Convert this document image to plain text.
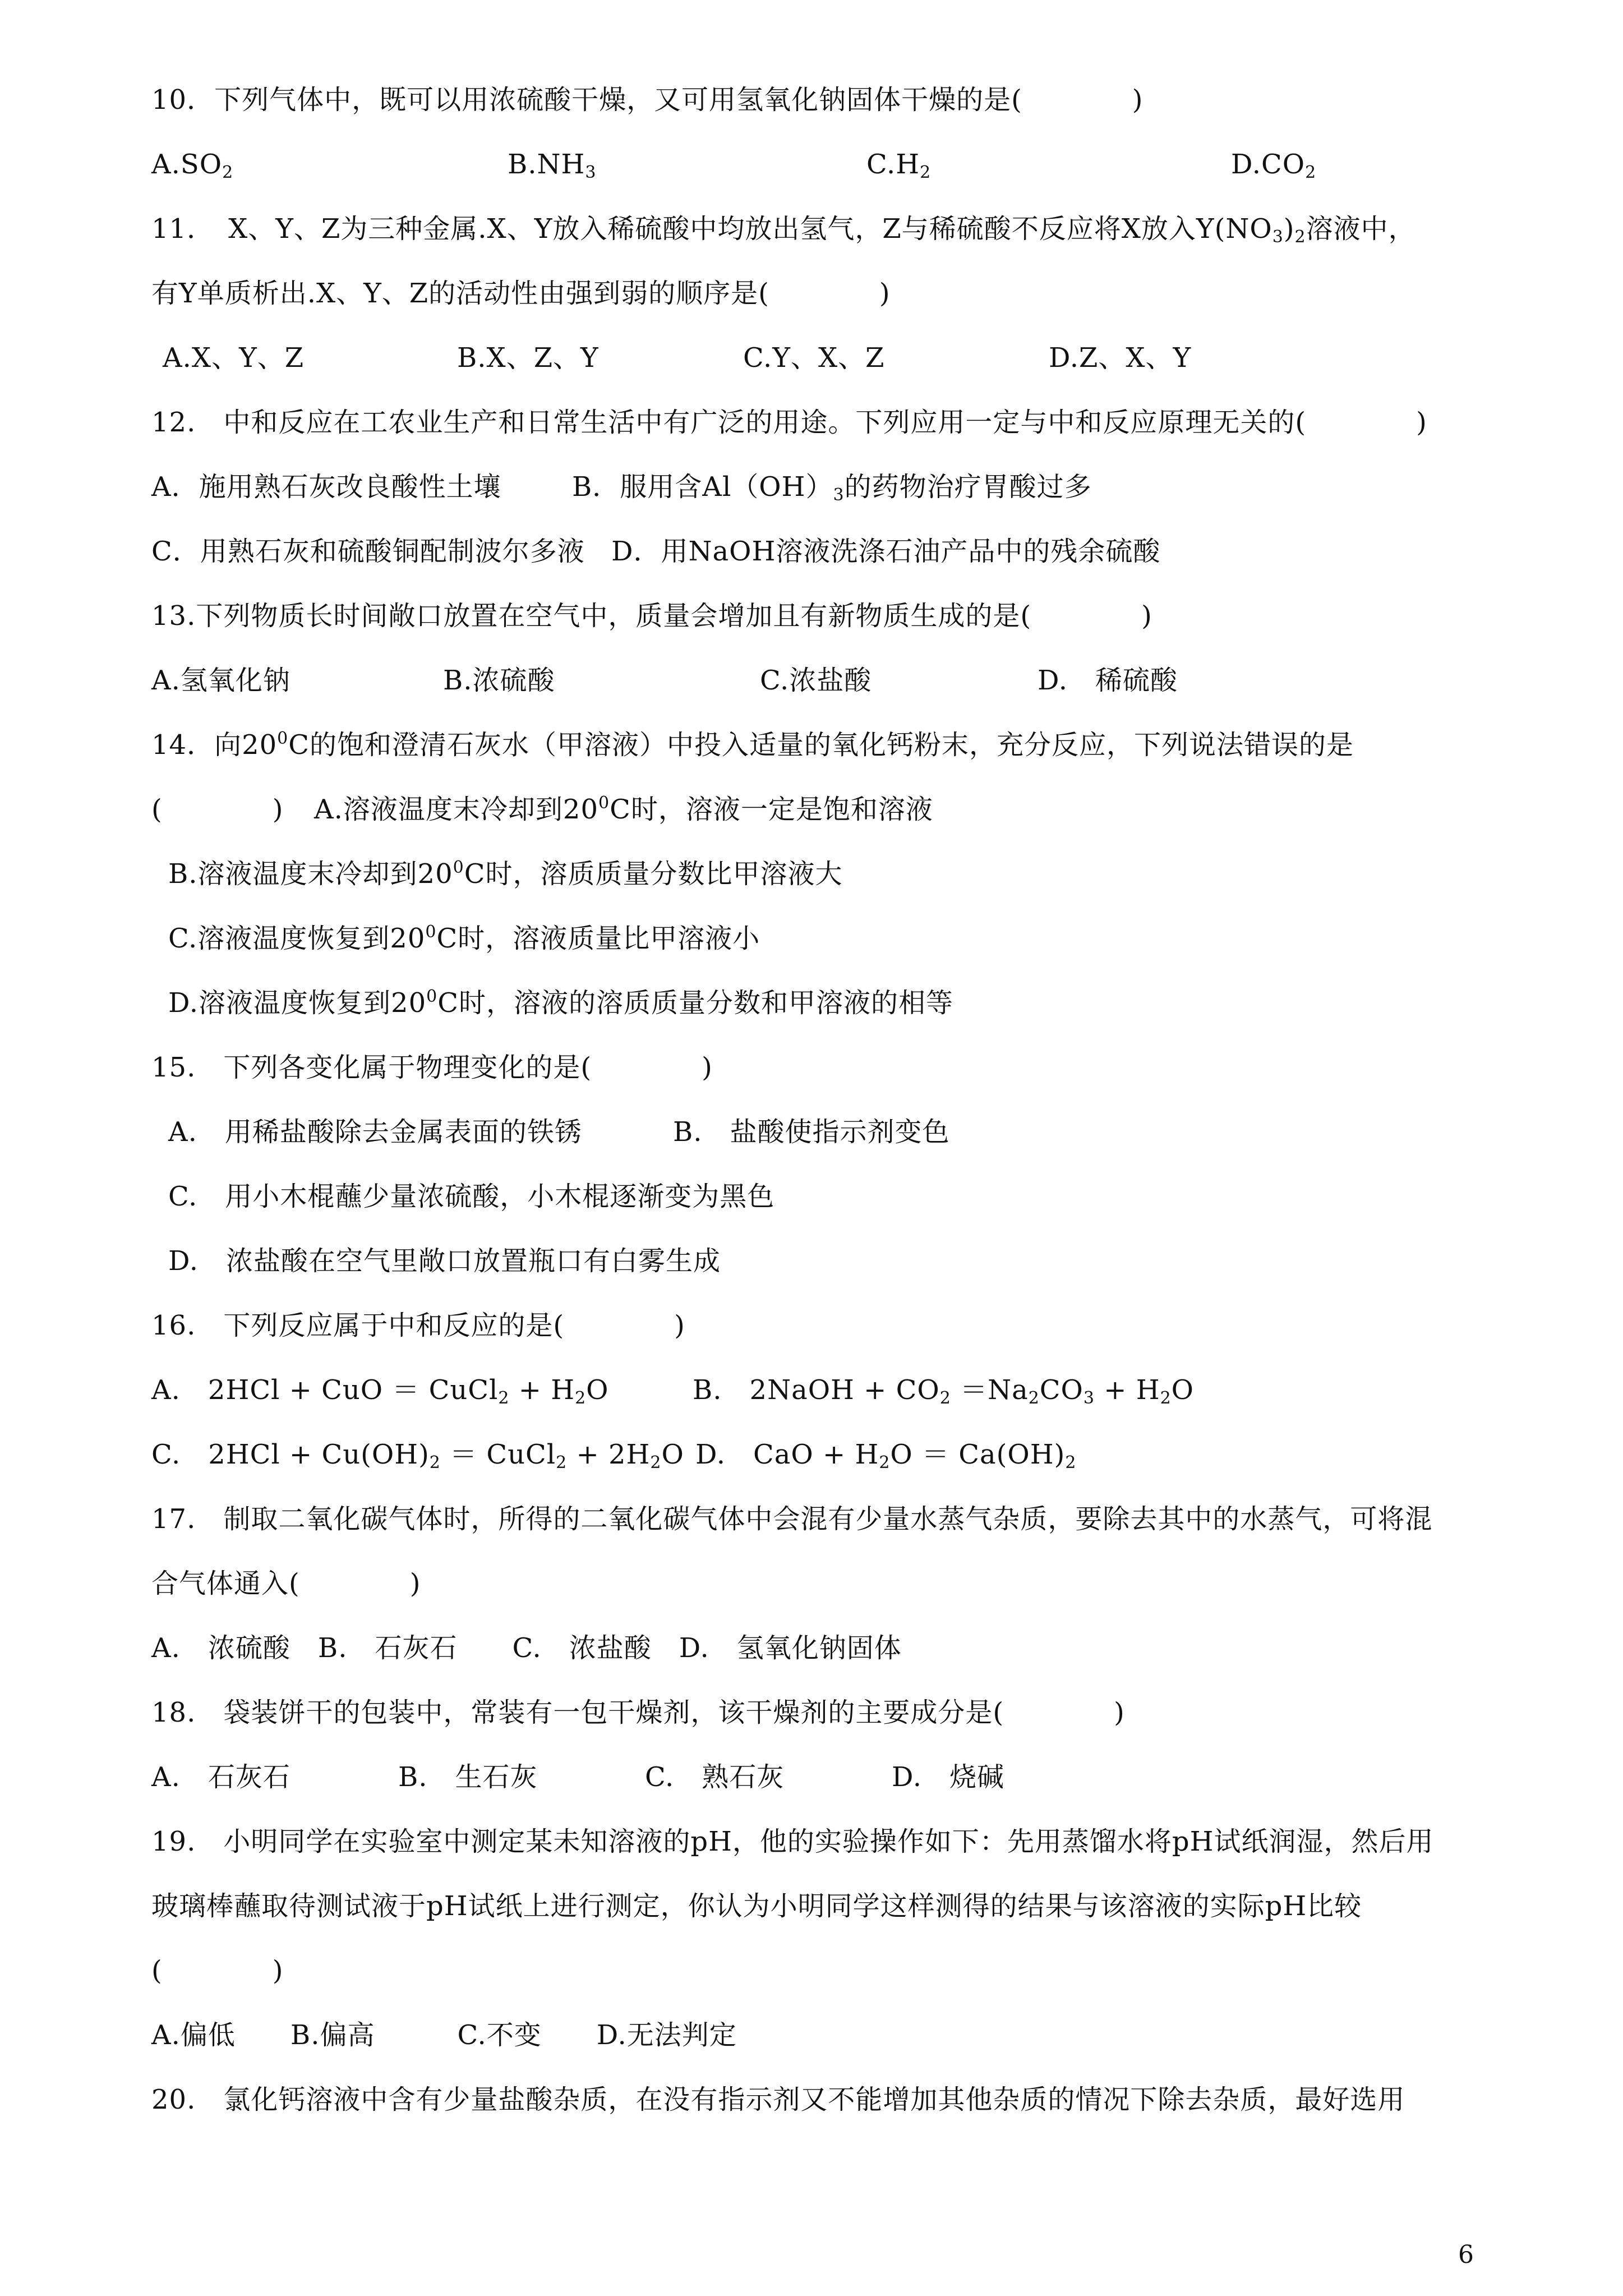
10．下列气体中，既可以用浓硫酸干燥，又可用氢氧化钠固体干燥的是(　　　　)
$A.SO_2$	$B.NH_3$	$C.H_2$	$D.CO_2$
11．　X、Y、Z为三种金属.X、Y放入稀硫酸中均放出氢气，Z与稀硫酸不反应将X放入$Y(NO_3)_2$溶液中，
有Y单质析出.X、Y、Z的活动性由强到弱的顺序是(　　　　)
A.X、Y、Z	B.X、Z、Y	C.Y、X、Z	D.Z、X、Y
12.　中和反应在工农业生产和日常生活中有广泛的用途。下列应用一定与中和反应原理无关的(　　　　)
A．施用熟石灰改良酸性土壤	B．服用含$Al(OH)_3$的药物治疗胃酸过多
C．用熟石灰和硫酸铜配制波尔多液 D．用NaOH溶液洗涤石油产品中的残余硫酸
13.下列物质长时间敞口放置在空气中，质量会增加且有新物质生成的是(　　　　)
A.氢氧化钠	B.浓硫酸	C.浓盐酸	D.　稀硫酸
14．向$20^0C$的饱和澄清石灰水（甲溶液）中投入适量的氧化钙粉末，充分反应，下列说法错误的是
(　　　　) A.溶液温度末冷却到$20^0C$时，溶液一定是饱和溶液
B.溶液温度末冷却到$20^0C$时，溶质质量分数比甲溶液大
C.溶液温度恢复到$20^0C$时，溶液质量比甲溶液小
D.溶液温度恢复到$20^0C$时，溶液的溶质质量分数和甲溶液的相等
15.　下列各变化属于物理变化的是(　　　　)
A.　用稀盐酸除去金属表面的铁锈	B.　盐酸使指示剂变色
C.　用小木棍蘸少量浓硫酸，小木棍逐渐变为黑色
D.　浓盐酸在空气里敞口放置瓶口有白雾生成
16.　下列反应属于中和反应的是(　　　　)
A.　2HCl + CuO ＝ CuCl$_2$ + $H_2O$	B.　2NaOH + $CO_2 =Na_2CO_3 + H_2O$
C.　$2HCl + Cu(OH)_2$ ＝ CuCl$_2$ + $2H_2O$ D.　CaO + $H_2O = Ca(OH)_2$
17.　制取二氧化碳气体时，所得的二氧化碳气体中会混有少量水蒸气杂质，要除去其中的水蒸气，可将混
合气体通入(　　　　)
A.　浓硫酸　B.　石灰石　　C.　浓盐酸　D.　氢氧化钠固体
18.　袋装饼干的包装中，常装有一包干燥剂，该干燥剂的主要成分是(　　　　)
A.　石灰石	B.　生石灰	C.　熟石灰	D.　烧碱
19.　小明同学在实验室中测定某未知溶液的pH，他的实验操作如下：先用蒸馏水将pH试纸润湿，然后用
玻璃棒蘸取待测试液于pH试纸上进行测定，你认为小明同学这样测得的结果与该溶液的实际pH比较
(　　　　)
A.偏低　　B.偏高　　　C.不变　　D.无法判定
20.　氯化钙溶液中含有少量盐酸杂质，在没有指示剂又不能增加其他杂质的情况下除去杂质，最好选用
6
